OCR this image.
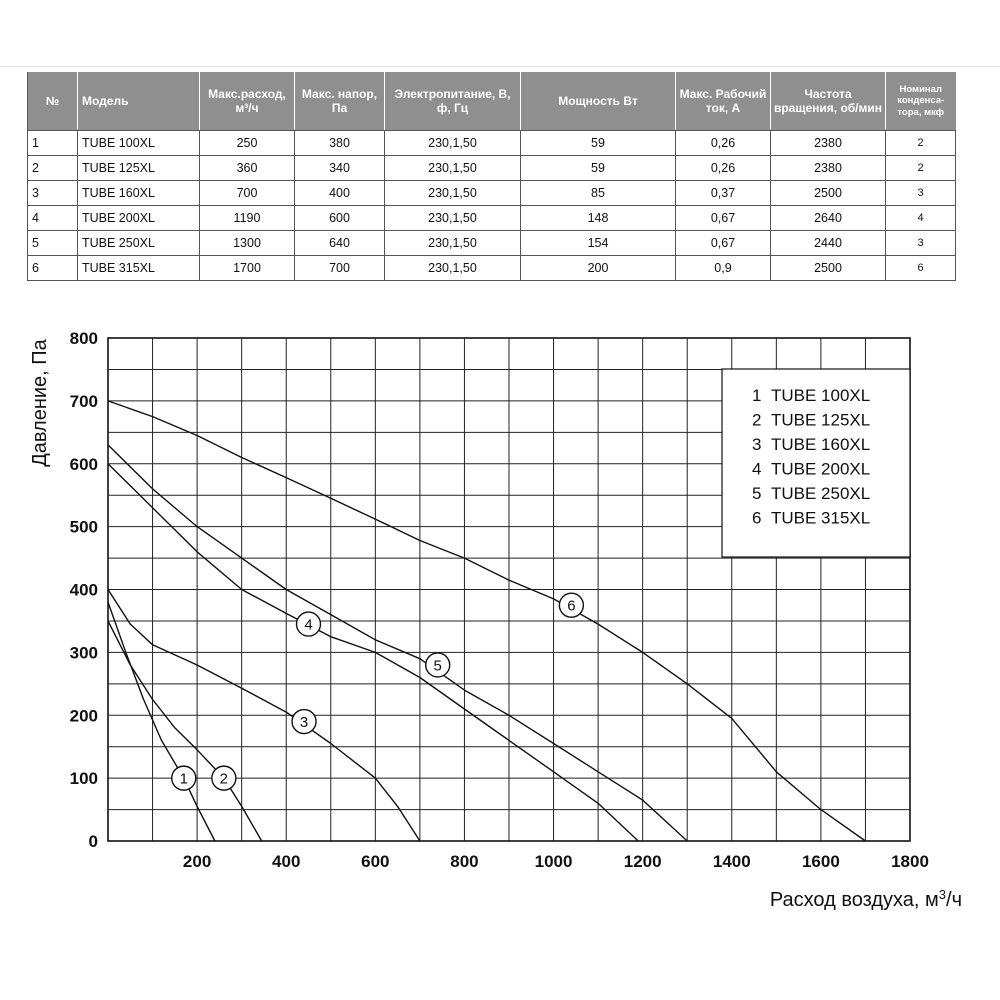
№	Модель	Макс.расход, м³/ч	Макс. напор, Па	Электропитание, В, ф, Гц	Мощность Вт	Макс. Рабочий ток, А	Частота вращения, об/мин	Номинал конденса-тора, мкф
1	TUBE 100XL	250	380	230,1,50	59	0,26	2380	2
2	TUBE 125XL	360	340	230,1,50	59	0,26	2380	2
3	TUBE 160XL	700	400	230,1,50	85	0,37	2500	3
4	TUBE 200XL	1190	600	230,1,50	148	0,67	2640	4
5	TUBE 250XL	1300	640	230,1,50	154	0,67	2440	3
6	TUBE 315XL	1700	700	230,1,50	200	0,9	2500	6
0
100
200
300
400
500
600
700
800
200	400	600	800	1000	1200	1400	1600	1800
1 2
3
4
5
6
1 TUBE 100XL
2 TUBE 125XL
3 TUBE 160XL
4 TUBE 200XL
5 TUBE 250XL
6 TUBE 315XL
Давление, Па
Расход воздуха, $м^3/ч$
